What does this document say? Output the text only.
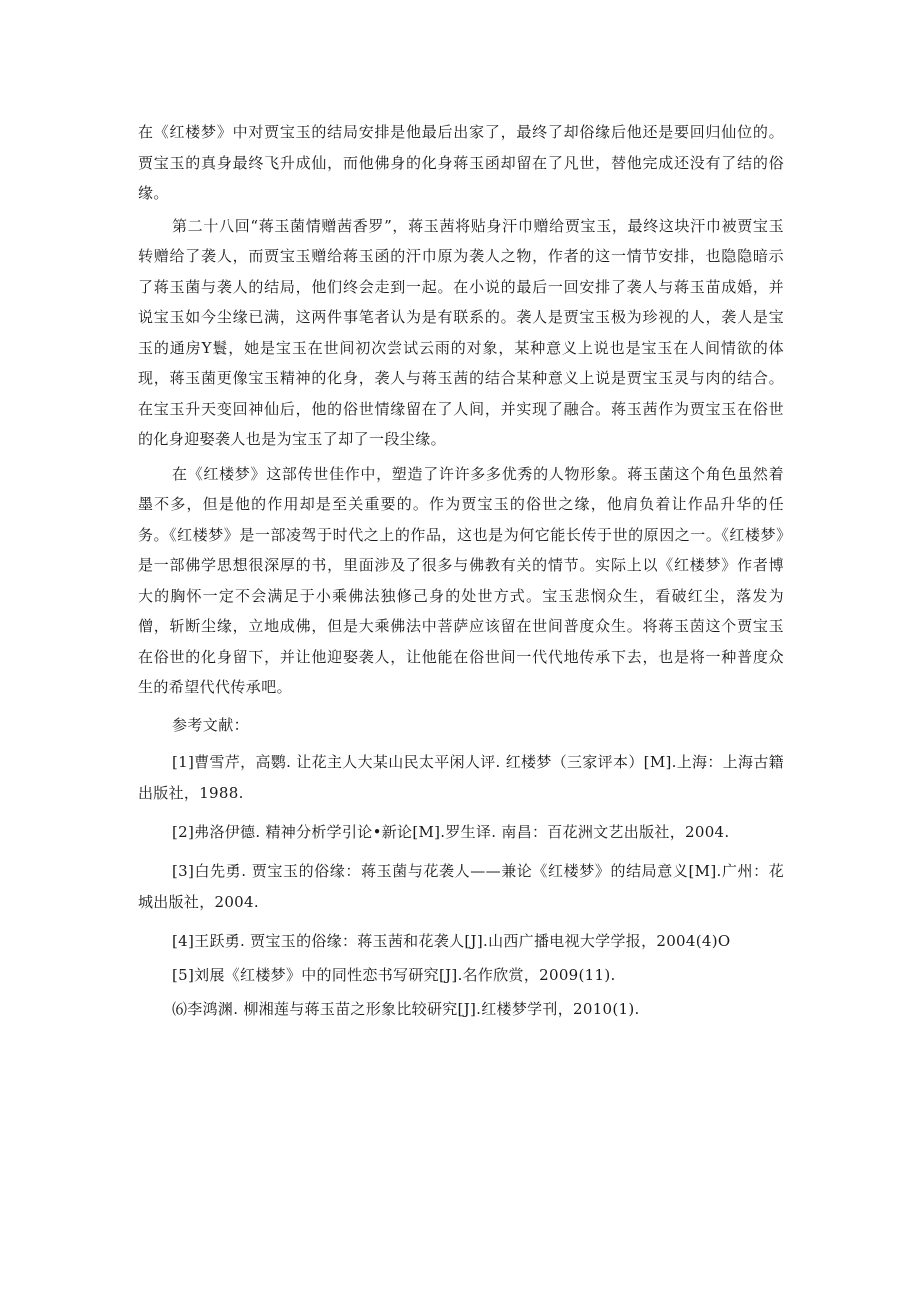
在《红楼梦》中对贾宝玉的结局安排是他最后出家了，最终了却俗缘后他还是要回归仙位的。贾宝玉的真身最终飞升成仙，而他佛身的化身蒋玉函却留在了凡世，替他完成还没有了结的俗缘。

第二十八回“蒋玉菌情赠茜香罗”，蒋玉茜将贴身汗巾赠给贾宝玉，最终这块汗巾被贾宝玉转赠给了袭人，而贾宝玉赠给蒋玉函的汗巾原为袭人之物，作者的这一情节安排，也隐隐暗示了蒋玉菌与袭人的结局，他们终会走到一起。在小说的最后一回安排了袭人与蒋玉苗成婚，并说宝玉如今尘缘已满，这两件事笔者认为是有联系的。袭人是贾宝玉极为珍视的人，袭人是宝玉的通房Y鬟，她是宝玉在世间初次尝试云雨的对象，某种意义上说也是宝玉在人间情欲的体现，蒋玉菌更像宝玉精神的化身，袭人与蒋玉茜的结合某种意义上说是贾宝玉灵与肉的结合。在宝玉升天变回神仙后，他的俗世情缘留在了人间，并实现了融合。蒋玉茜作为贾宝玉在俗世的化身迎娶袭人也是为宝玉了却了一段尘缘。

在《红楼梦》这部传世佳作中，塑造了许许多多优秀的人物形象。蒋玉菌这个角色虽然着墨不多，但是他的作用却是至关重要的。作为贾宝玉的俗世之缘，他肩负着让作品升华的任务。《红楼梦》是一部凌驾于时代之上的作品，这也是为何它能长传于世的原因之一。《红楼梦》是一部佛学思想很深厚的书，里面涉及了很多与佛教有关的情节。实际上以《红楼梦》作者博大的胸怀一定不会满足于小乘佛法独修己身的处世方式。宝玉悲悯众生，看破红尘，落发为僧，斩断尘缘，立地成佛，但是大乘佛法中菩萨应该留在世间普度众生。将蒋玉茵这个贾宝玉在俗世的化身留下，并让他迎娶袭人，让他能在俗世间一代代地传承下去，也是将一种普度众生的希望代代传承吧。

参考文献：

[1]曹雪芹，高鹦. 让花主人大某山民太平闲人评. 红楼梦（三家评本）[M].上海：上海古籍出版社，1988.

[2]弗洛伊德. 精神分析学引论•新论[M].罗生译. 南昌：百花洲文艺出版社，2004.

[3]白先勇. 贾宝玉的俗缘：蒋玉菌与花袭人——兼论《红楼梦》的结局意义[M].广州：花城出版社，2004.

[4]王跃勇. 贾宝玉的俗缘：蒋玉茜和花袭人[J].山西广播电视大学学报，2004(4)O

[5]刘展《红楼梦》中的同性恋书写研究[J].名作欣赏，2009(11).

⑹李鸿渊. 柳湘莲与蒋玉苗之形象比较研究[J].红楼梦学刊，2010(1).
